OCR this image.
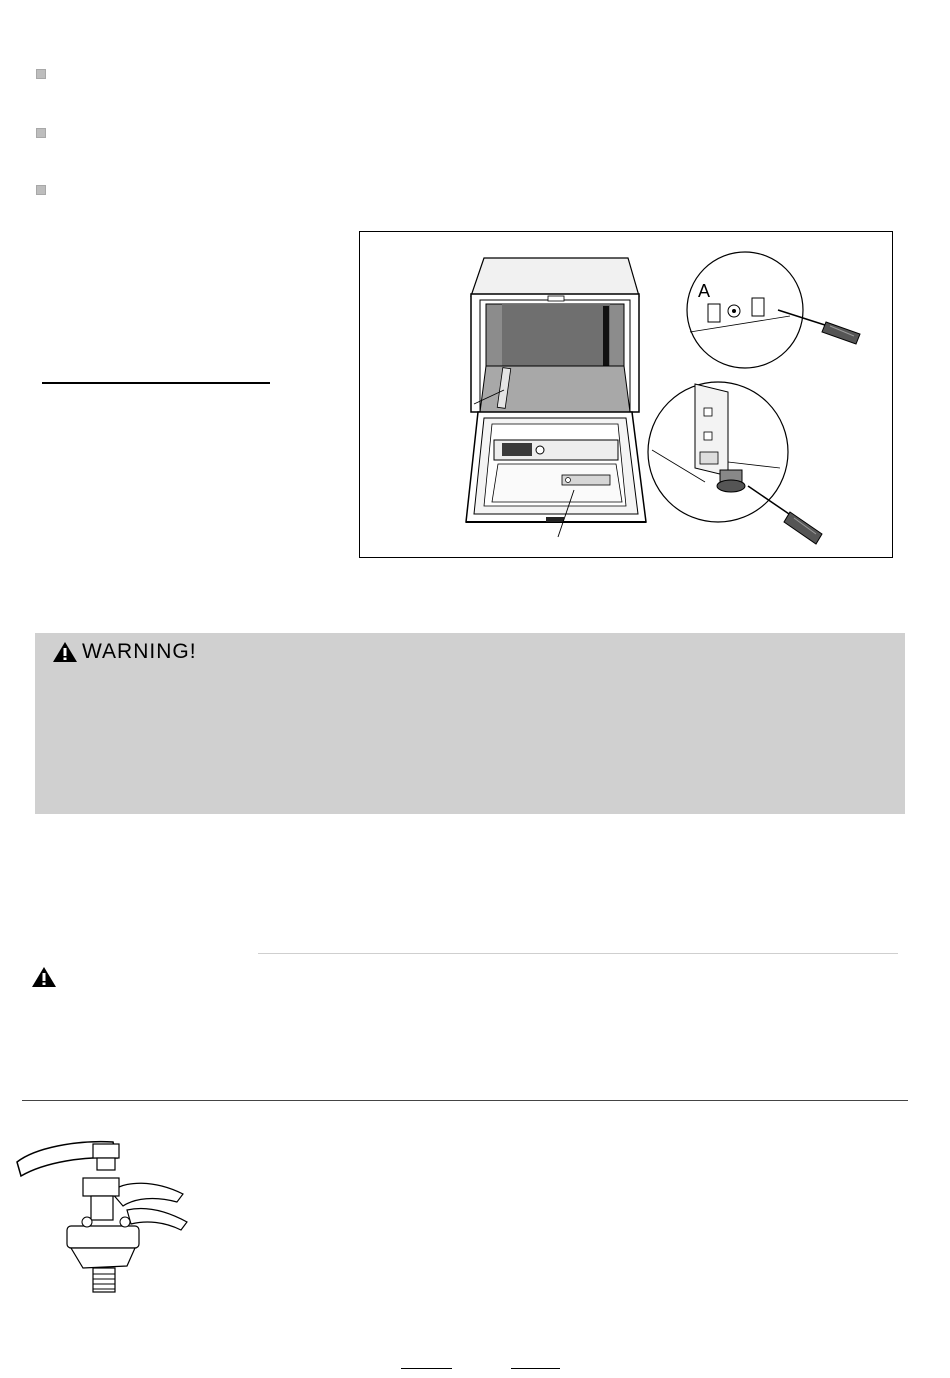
A
WARNING!
